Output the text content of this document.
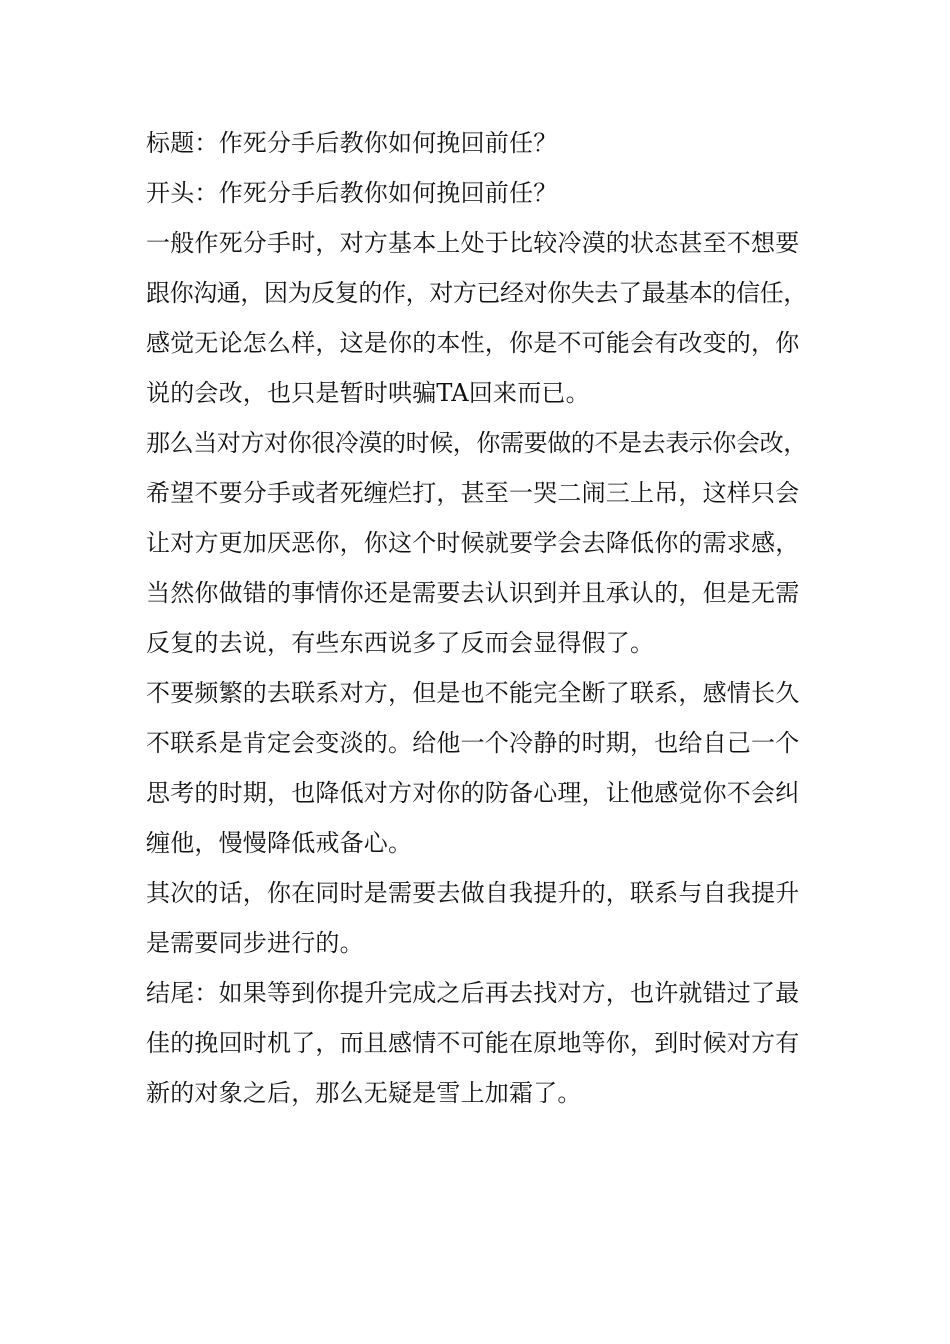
标题：作死分手后教你如何挽回前任？
开头：作死分手后教你如何挽回前任？
一般作死分手时，对方基本上处于比较冷漠的状态甚至不想要
跟你沟通，因为反复的作，对方已经对你失去了最基本的信任，
感觉无论怎么样，这是你的本性，你是不可能会有改变的，你
说的会改，也只是暂时哄骗TA回来而已。
那么当对方对你很冷漠的时候，你需要做的不是去表示你会改，
希望不要分手或者死缠烂打，甚至一哭二闹三上吊，这样只会
让对方更加厌恶你，你这个时候就要学会去降低你的需求感，
当然你做错的事情你还是需要去认识到并且承认的，但是无需
反复的去说，有些东西说多了反而会显得假了。
不要频繁的去联系对方，但是也不能完全断了联系，感情长久
不联系是肯定会变淡的。给他一个冷静的时期，也给自己一个
思考的时期，也降低对方对你的防备心理，让他感觉你不会纠
缠他，慢慢降低戒备心。
其次的话，你在同时是需要去做自我提升的，联系与自我提升
是需要同步进行的。
结尾：如果等到你提升完成之后再去找对方，也许就错过了最
佳的挽回时机了，而且感情不可能在原地等你，到时候对方有
新的对象之后，那么无疑是雪上加霜了。
